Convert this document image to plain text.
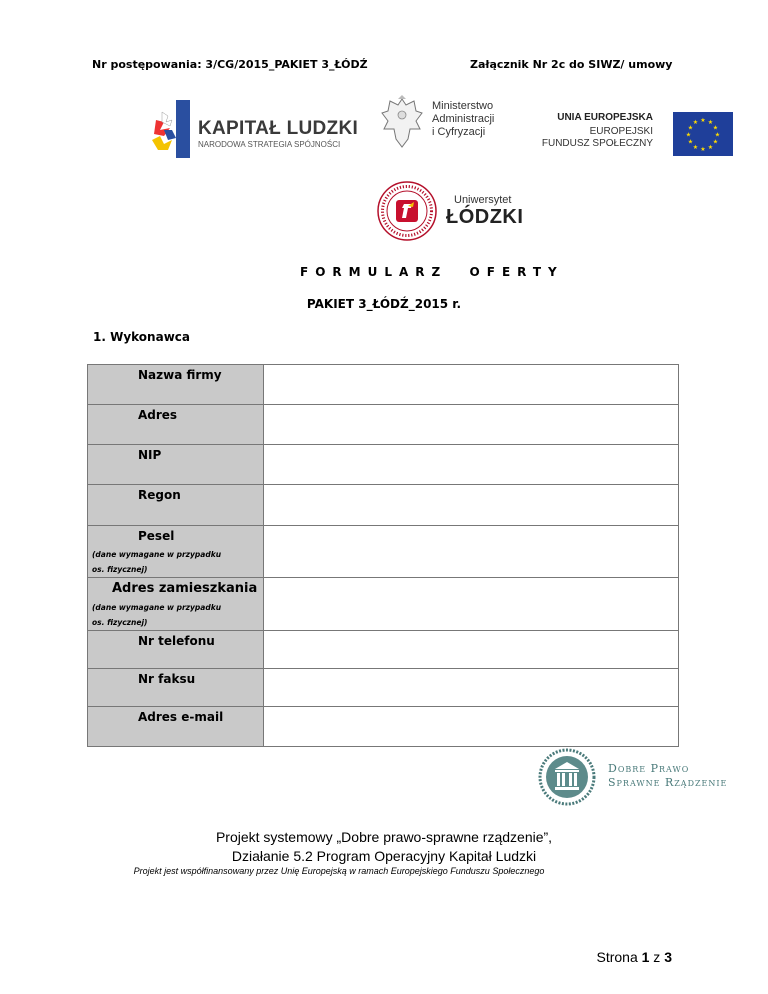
Nr postępowania: 3/CG/2015_PAKIET 3_ŁÓDŹ	Załącznik Nr 2c do SIWZ/ umowy
KAPITAŁ LUDZKI
NARODOWA STRATEGIA SPÓJNOŚCI
Ministerstwo
Administracji
i Cyfryzacji
UNIA EUROPEJSKA
EUROPEJSKI
FUNDUSZ SPOŁECZNY
★ ★
★
★
★
★
★
★
★
★
★
★
Uniwersytet
ŁÓDZKI
FORMULARZ  OFERTY
PAKIET 3_ŁÓDŹ_2015 r.
1. Wykonawca
Nazwa firmy	

Adres	

NIP	

Regon	

Pesel
(dane wymagane w przypadku
os. fizycznej)	

Adres zamieszkania
(dane wymagane w przypadku
os. fizycznej)	

Nr telefonu	

Nr faksu	

Adres e-mail	

Dobre Prawo
Sprawne Rządzenie
Projekt systemowy „Dobre prawo-sprawne rządzenie”,
Działanie 5.2 Program Operacyjny Kapitał Ludzki
Projekt jest współfinansowany przez Unię Europejską w ramach Europejskiego Funduszu Społecznego
Strona 1 z 3
